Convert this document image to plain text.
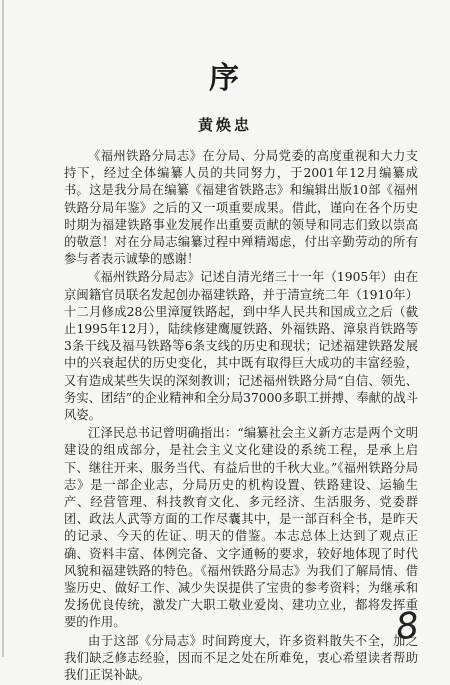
序
黄焕忠

《福州铁路分局志》在分局、分局党委的高度重视和大力支持下，经过全体编纂人员的共同努力，于2001年12月编纂成书。这是我分局在编纂《福建省铁路志》和编辑出版10部《福州铁路分局年鉴》之后的又一项重要成果。借此，谨向在各个历史时期为福建铁路事业发展作出重要贡献的领导和同志们致以崇高的敬意！对在分局志编纂过程中殚精竭虑，付出辛勤劳动的所有参与者表示诚挚的感谢！

《福州铁路分局志》记述自清光绪三十一年（1905年）由在京闽籍官员联名发起创办福建铁路，并于清宣统二年（1910年）十二月修成28公里漳厦铁路起，到中华人民共和国成立之后（截止1995年12月），陆续修建鹰厦铁路、外福铁路、漳泉肖铁路等3条干线及福马铁路等6条支线的历史和现状；记述福建铁路发展中的兴衰起伏的历史变化，其中既有取得巨大成功的丰富经验，又有造成某些失误的深刻教训；记述福州铁路分局“自信、领先、务实、团结”的企业精神和全分局37000多职工拼搏、奉献的战斗风姿。

江泽民总书记曾明确指出：“编纂社会主义新方志是两个文明建设的组成部分，是社会主义文化建设的系统工程，是承上启下、继往开来、服务当代、有益后世的千秋大业。”《福州铁路分局志》是一部企业志，分局历史的机构设置、铁路建设、运输生产、经营管理、科技教育文化、多元经济、生活服务、党委群团、政法人武等方面的工作尽囊其中，是一部百科全书，是昨天的记录、今天的佐证、明天的借鉴。本志总体上达到了观点正确、资料丰富、体例完备、文字通畅的要求，较好地体现了时代风貌和福建铁路的特色。《福州铁路分局志》为我们了解局情、借鉴历史、做好工作、减少失误提供了宝贵的参考资料；为继承和发扬优良传统，激发广大职工敬业爱岗、建功立业，都将发挥重要的作用。

由于这部《分局志》时间跨度大，许多资料散失不全，加之我们缺乏修志经验，因而不足之处在所难免，衷心希望读者帮助我们正误补缺。

8
